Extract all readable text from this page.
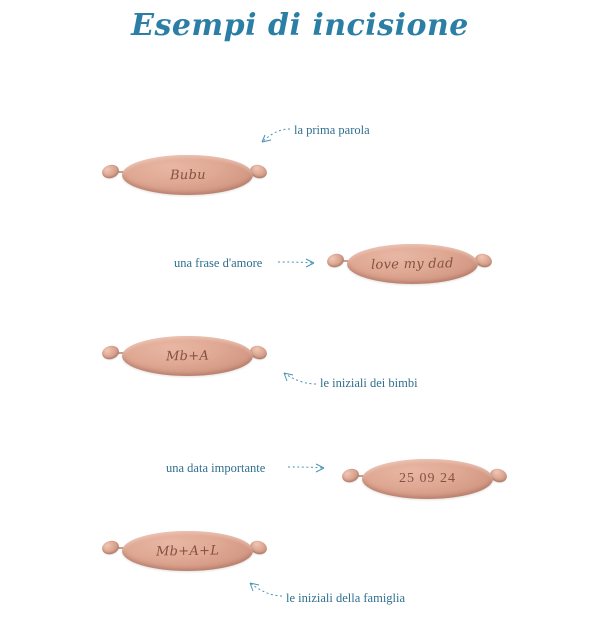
Esempi di incisione
Bubu
la prima parola
love my dad
una frase d'amore
Mb+A
le iniziali dei bimbi
25 09 24
una data importante
Mb+A+L
le iniziali della famiglia
